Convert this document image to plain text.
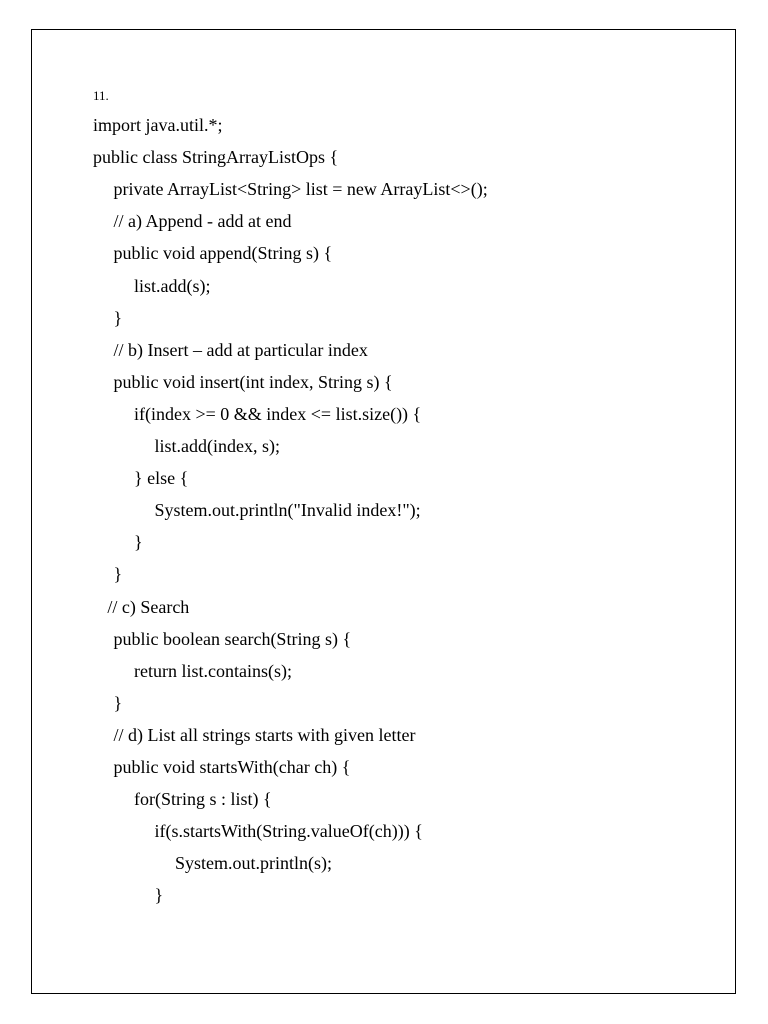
11.
import java.util.*;
public class StringArrayListOps {
private ArrayList<String> list = new ArrayList<>();
// a) Append - add at end
public void append(String s) {
list.add(s);
}
// b) Insert – add at particular index
public void insert(int index, String s) {
if(index >= 0 && index <= list.size()) {
list.add(index, s);
} else {
System.out.println("Invalid index!");
}
}
// c) Search
public boolean search(String s) {
return list.contains(s);
}
// d) List all strings starts with given letter
public void startsWith(char ch) {
for(String s : list) {
if(s.startsWith(String.valueOf(ch))) {
System.out.println(s);
}
